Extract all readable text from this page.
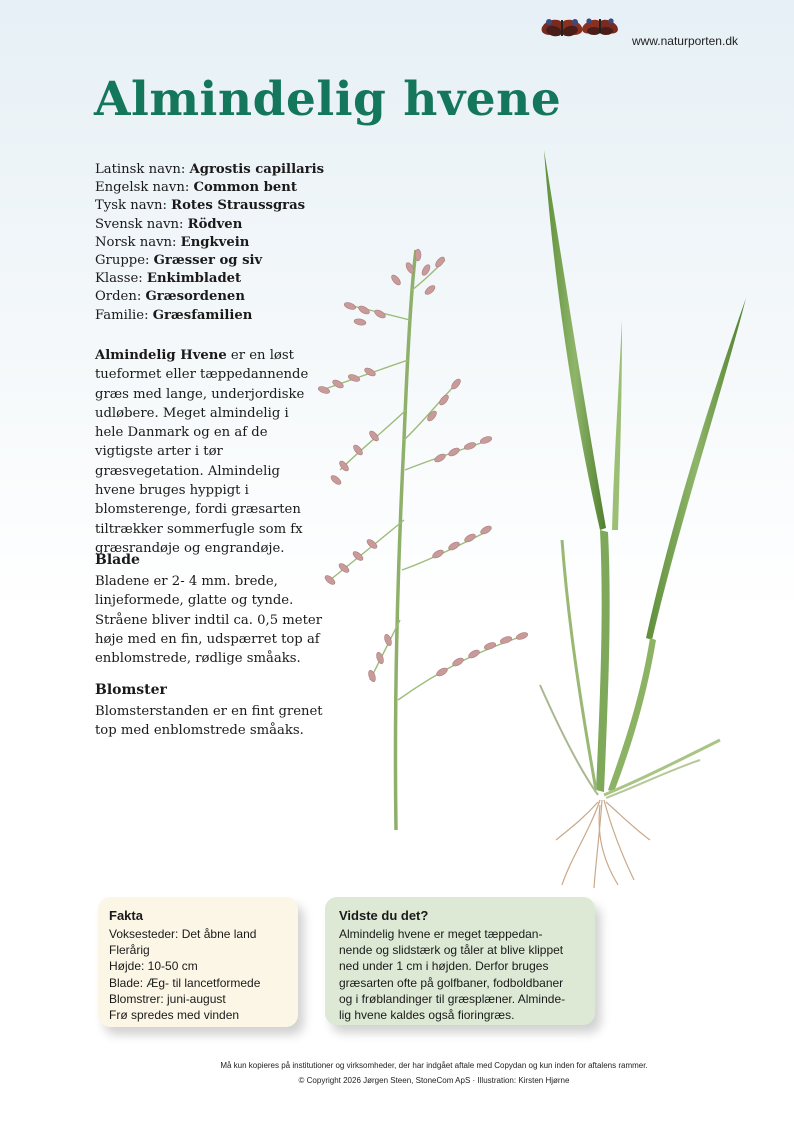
www.naturporten.dk
Almindelig hvene
Latinsk navn: Agrostis capillaris
Engelsk navn: Common bent
Tysk navn: Rotes Straussgras
Svensk navn: Rödven
Norsk navn: Engkvein
Gruppe: Græsser og siv
Klasse: Enkimbladet
Orden: Græsordenen
Familie: Græsfamilien

Almindelig Hvene er en løst tueformet eller tæppedannende græs med lange, underjordiske udløbere. Meget almindelig i hele Danmark og en af de vigtigste arter i tør græsvegetation. Almindelig hvene bruges hyppigt i blomsterenge, fordi græsarten tiltrækker sommerfugle som fx græsrandøje og engrandøje.

Blade

Bladene er 2- 4 mm. brede, linjeformede, glatte og tynde. Stråene bliver indtil ca. 0,5 meter høje med en fin, udspærret top af enblomstrede, rødlige småaks.

Blomster

Blomsterstanden er en fint grenet top med enblomstrede småaks.

Fakta
Voksesteder: Det åbne land
Flerårig
Højde: 10-50 cm
Blade: Æg- til lancetformede
Blomstrer: juni-august
Frø spredes med vinden
Vidste du det?
Almindelig hvene er meget tæppedan-
nende og slidstærk og tåler at blive klippet
ned under 1 cm i højden. Derfor bruges
græsarten ofte på golfbaner, fodboldbaner
og i frøblandinger til græsplæner. Alminde-
lig hvene kaldes også fioringræs.
Må kun kopieres på institutioner og virksomheder, der har indgået aftale med Copydan og kun inden for aftalens rammer.
© Copyright 2026 Jørgen Steen, StoneCom ApS · Illustration: Kirsten Hjørne
